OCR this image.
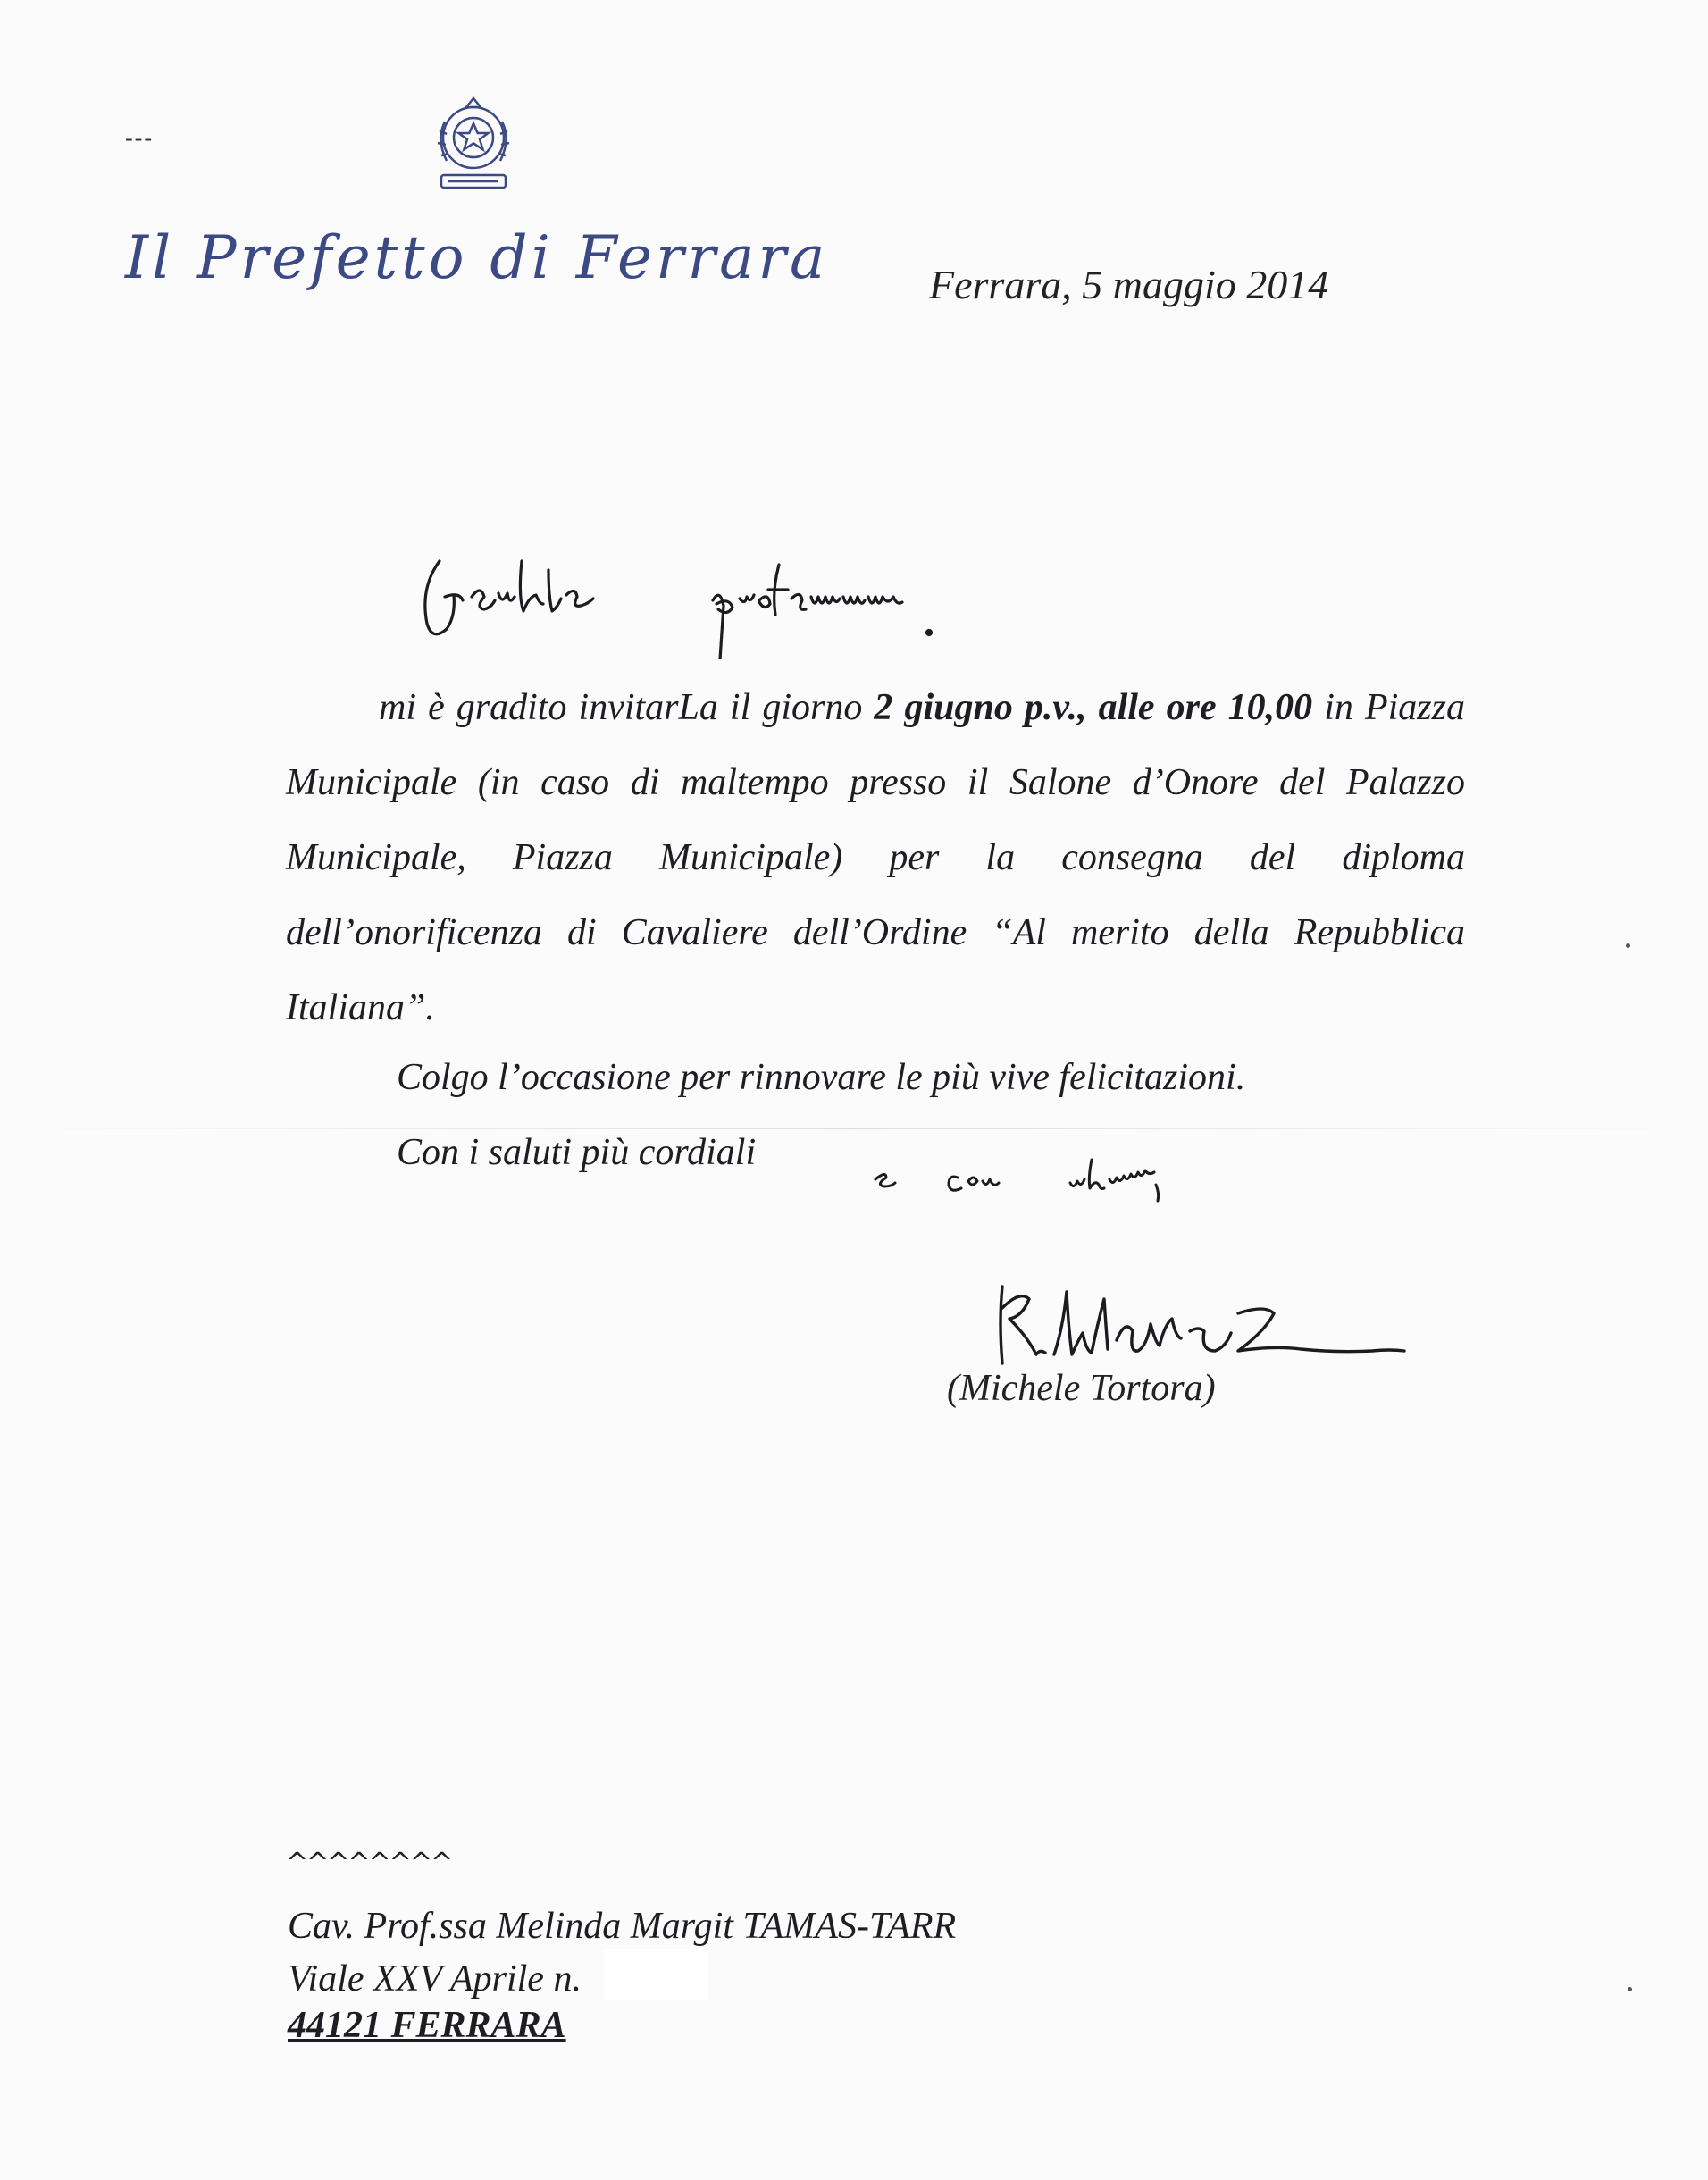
---
Il Prefetto di Ferrara Ferrara, 5 maggio 2014

mi è gradito invitarLa il giorno 2 giugno p.v., alle ore 10,00 in Piazza Municipale (in caso di maltempo presso il Salone d’Onore del Palazzo Municipale, Piazza Municipale) per la consegna del diploma dell’onorificenza di Cavaliere dell’Ordine “Al merito della Repubblica Italiana”.

Colgo l’occasione per rinnovare le più vive felicitazioni.
Con i saluti più cordiali
(Michele Tortora)
^^^^^^^^
Cav. Prof.ssa Melinda Margit TAMAS-TARR
Viale XXV Aprile n.
44121 FERRARA
